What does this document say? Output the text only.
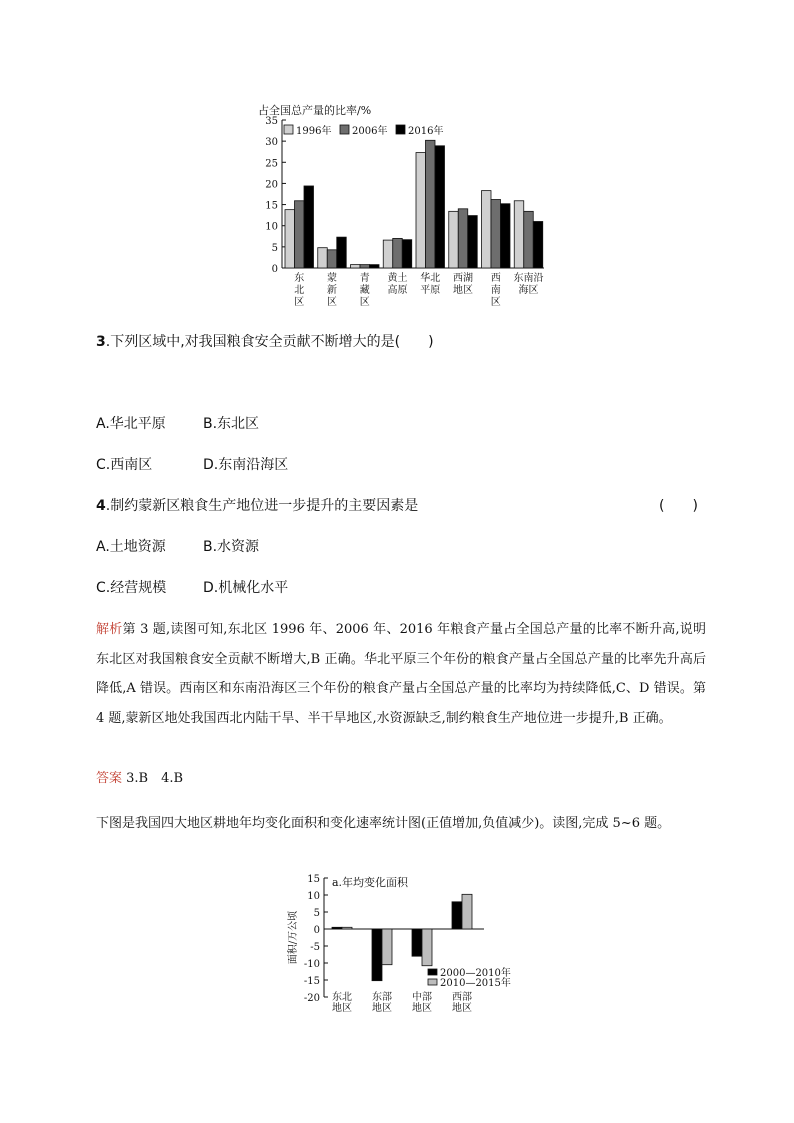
占全国总产量的比率/%
0
5
10
15
20
25
30
35
1996年 2006年 2016年
东
北
区
蒙
新
区
青
藏
区
黄土
高原
华北
平原
西湖
地区
西
南
区
东南沿
海区
3.下列区域中,对我国粮食安全贡献不断增大的是(　　)
A.华北平原	B.东北区
C.西南区	D.东南沿海区
4.制约蒙新区粮食生产地位进一步提升的主要因素是	(　　)
A.土地资源	B.水资源
C.经营规模	D.机械化水平
解析第 3 题,读图可知,东北区 1996 年、2006 年、2016 年粮食产量占全国总产量的比率不断升高,说明东北区对我国粮食安全贡献不断增大,B 正确。华北平原三个年份的粮食产量占全国总产量的比率先升高后降低,A 错误。西南区和东南沿海区三个年份的粮食产量占全国总产量的比率均为持续降低,C、D 错误。第 4 题,蒙新区地处我国西北内陆干旱、半干旱地区,水资源缺乏,制约粮食生产地位进一步提升,B 正确。
答案 3.B　4.B
下图是我国四大地区耕地年均变化面积和变化速率统计图(正值增加,负值减少)。读图,完成 5~6 题。
a.年均变化面积
面积/万公顷
-20
-15
-10
-5
0
5
10
15
东北
地区
东部
地区
中部
地区
西部
地区
2000—2010年
2010—2015年
